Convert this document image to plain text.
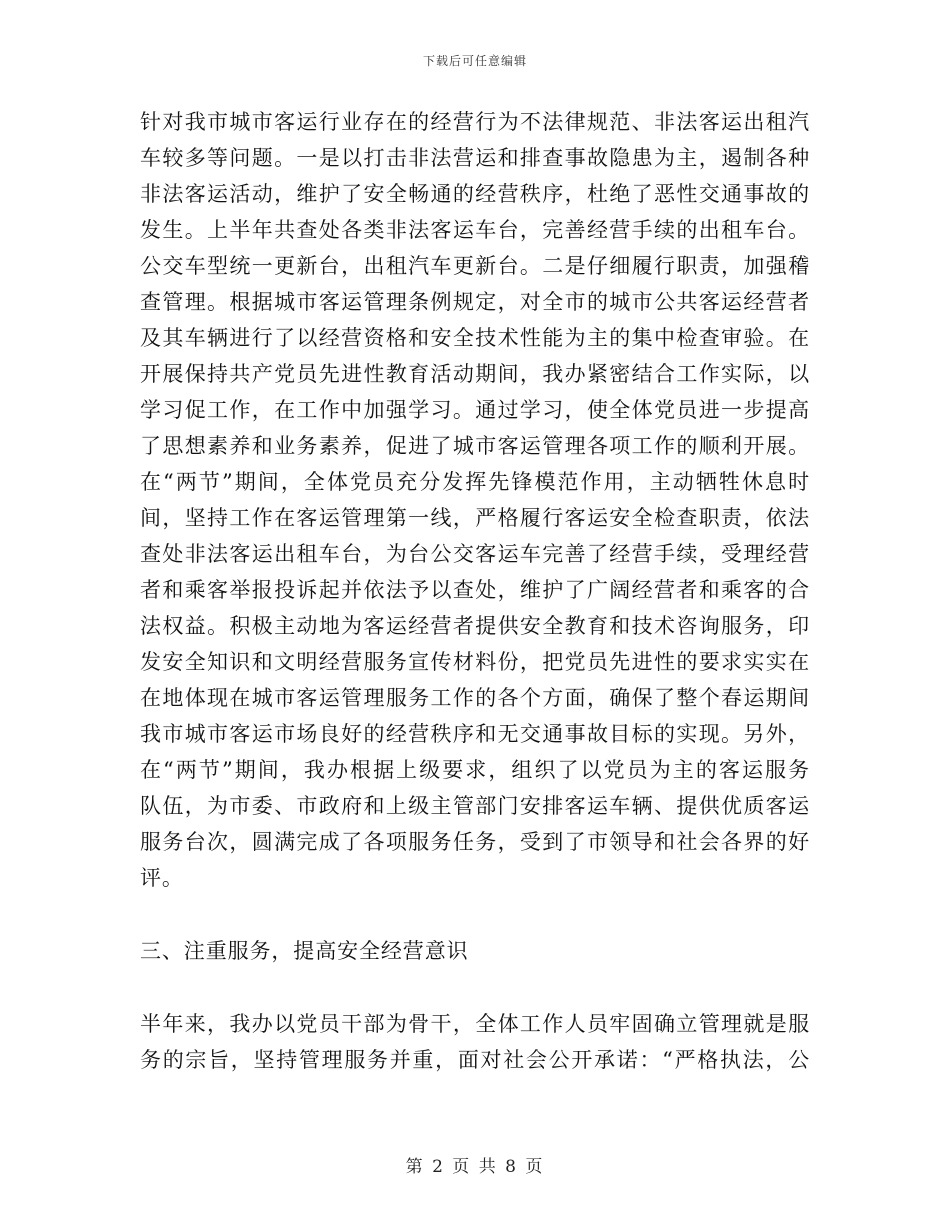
下载后可任意编辑
针对我市城市客运行业存在的经营行为不法律规范、非法客运出租汽
车较多等问题。一是以打击非法营运和排查事故隐患为主，遏制各种
非法客运活动，维护了安全畅通的经营秩序，杜绝了恶性交通事故的
发生。上半年共查处各类非法客运车台，完善经营手续的出租车台。
公交车型统一更新台，出租汽车更新台。二是仔细履行职责，加强稽
查管理。根据城市客运管理条例规定，对全市的城市公共客运经营者
及其车辆进行了以经营资格和安全技术性能为主的集中检查审验。在
开展保持共产党员先进性教育活动期间，我办紧密结合工作实际，以
学习促工作，在工作中加强学习。通过学习，使全体党员进一步提高
了思想素养和业务素养，促进了城市客运管理各项工作的顺利开展。
在“两节”期间，全体党员充分发挥先锋模范作用，主动牺牲休息时
间，坚持工作在客运管理第一线，严格履行客运安全检查职责，依法
查处非法客运出租车台，为台公交客运车完善了经营手续，受理经营
者和乘客举报投诉起并依法予以查处，维护了广阔经营者和乘客的合
法权益。积极主动地为客运经营者提供安全教育和技术咨询服务，印
发安全知识和文明经营服务宣传材料份，把党员先进性的要求实实在
在地体现在城市客运管理服务工作的各个方面，确保了整个春运期间
我市城市客运市场良好的经营秩序和无交通事故目标的实现。另外，
在“两节”期间，我办根据上级要求，组织了以党员为主的客运服务
队伍，为市委、市政府和上级主管部门安排客运车辆、提供优质客运
服务台次，圆满完成了各项服务任务，受到了市领导和社会各界的好
评。
三、注重服务，提高安全经营意识
半年来，我办以党员干部为骨干，全体工作人员牢固确立管理就是服
务的宗旨，坚持管理服务并重，面对社会公开承诺：“严格执法，公
第 2 页 共 8 页
